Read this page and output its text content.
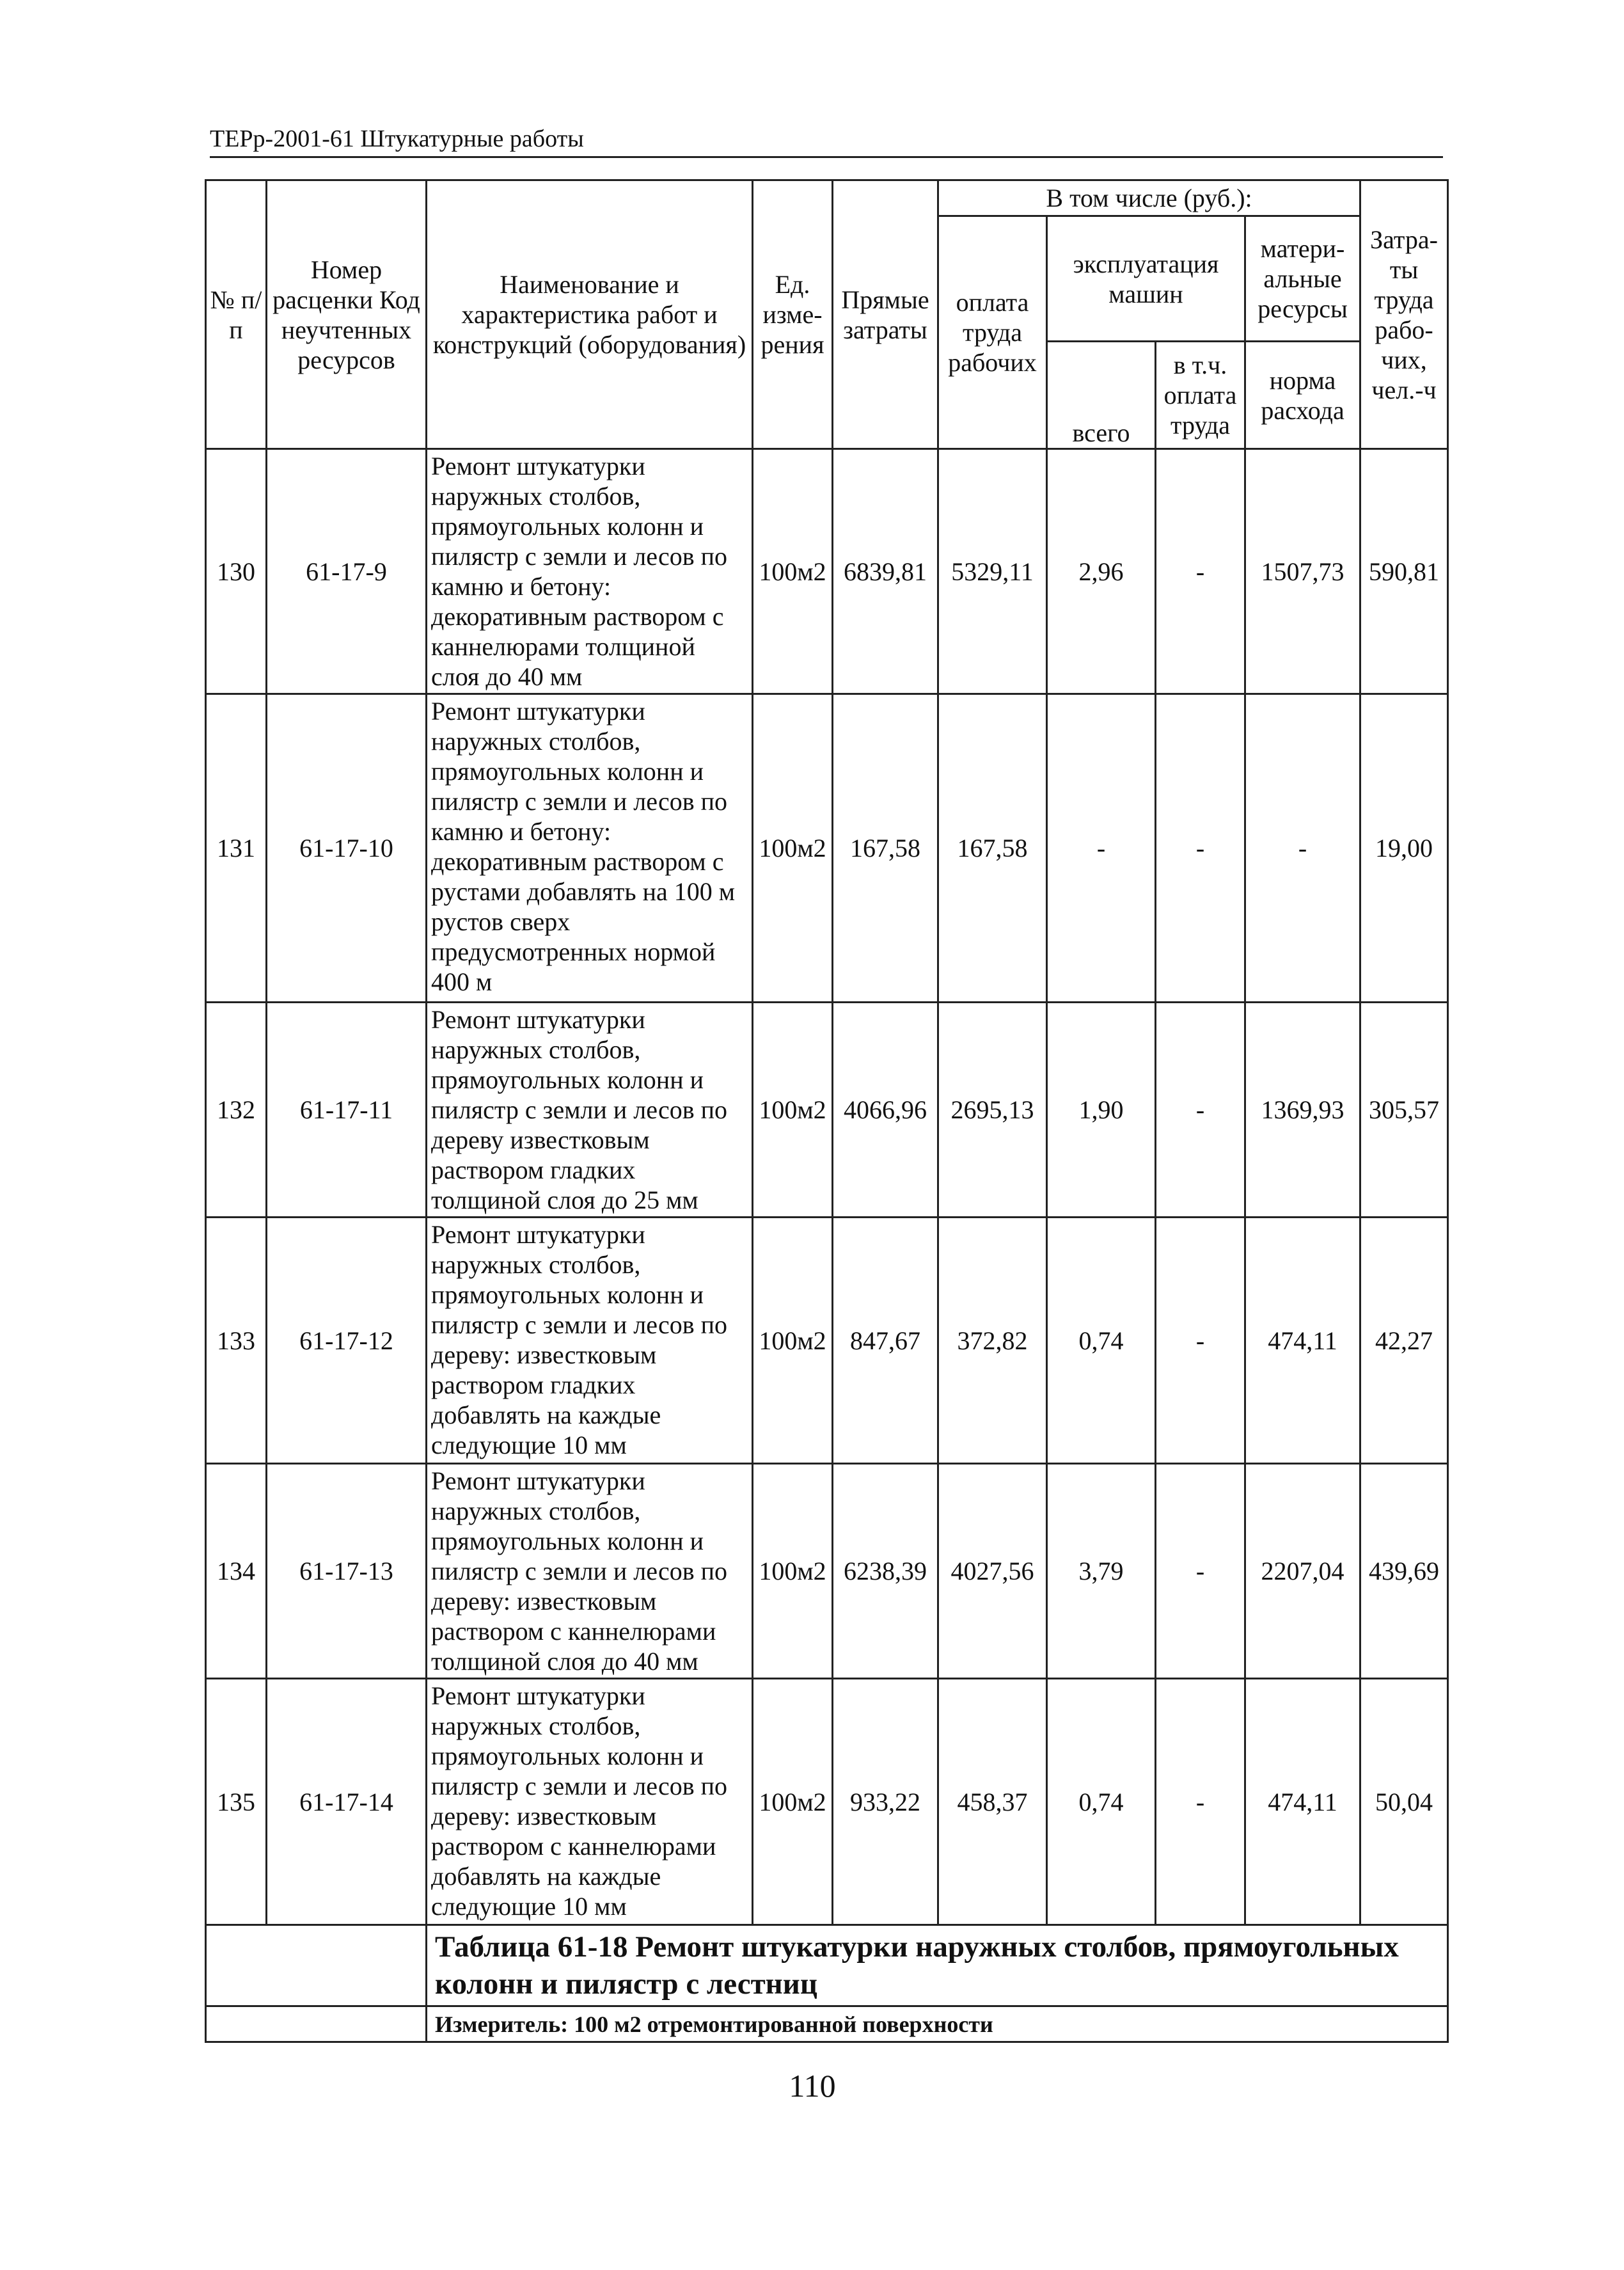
ТЕРр-2001-61 Штукатурные работы
№ п/п	Номер расценки Код неучтенных ресурсов	Наименование и характеристика работ и конструкций (оборудования)	Ед. изме-рения	Прямые затраты	В том числе (руб.):				Затра-ты труда рабо-чих,
чел.-ч
					оплата труда рабочих	эксплуатация машин		матери-альные ресурсы	
						всего	в т.ч. оплата труда	норма расхода	
130	61-17-9	Ремонт штукатурки наружных столбов, прямоугольных колонн и пилястр с земли и лесов по камню и бетону: декоративным раствором с каннелюрами толщиной слоя до 40 мм	100м2	6839,81	5329,11	2,96	-	1507,73	590,81
131	61-17-10	Ремонт штукатурки наружных столбов, прямоугольных колонн и пилястр с земли и лесов по камню и бетону: декоративным раствором с рустами добавлять на 100 м рустов сверх предусмотренных нормой 400 м	100м2	167,58	167,58	-	-	-	19,00
132	61-17-11	Ремонт штукатурки наружных столбов, прямоугольных колонн и пилястр с земли и лесов по дереву известковым раствором гладких толщиной слоя до 25 мм	100м2	4066,96	2695,13	1,90	-	1369,93	305,57
133	61-17-12	Ремонт штукатурки наружных столбов, прямоугольных колонн и пилястр с земли и лесов по дереву: известковым раствором гладких добавлять на каждые следующие 10 мм	100м2	847,67	372,82	0,74	-	474,11	42,27
134	61-17-13	Ремонт штукатурки наружных столбов, прямоугольных колонн и пилястр с земли и лесов по дереву: известковым раствором с каннелюрами толщиной слоя до 40 мм	100м2	6238,39	4027,56	3,79	-	2207,04	439,69
135	61-17-14	Ремонт штукатурки наружных столбов, прямоугольных колонн и пилястр с земли и лесов по дереву: известковым раствором с каннелюрами добавлять на каждые следующие 10 мм	100м2	933,22	458,37	0,74	-	474,11	50,04
		Таблица 61-18 Ремонт штукатурки наружных столбов, прямоугольных колонн и пилястр с лестниц							
		Измеритель: 100 м2 отремонтированной поверхности							
110
